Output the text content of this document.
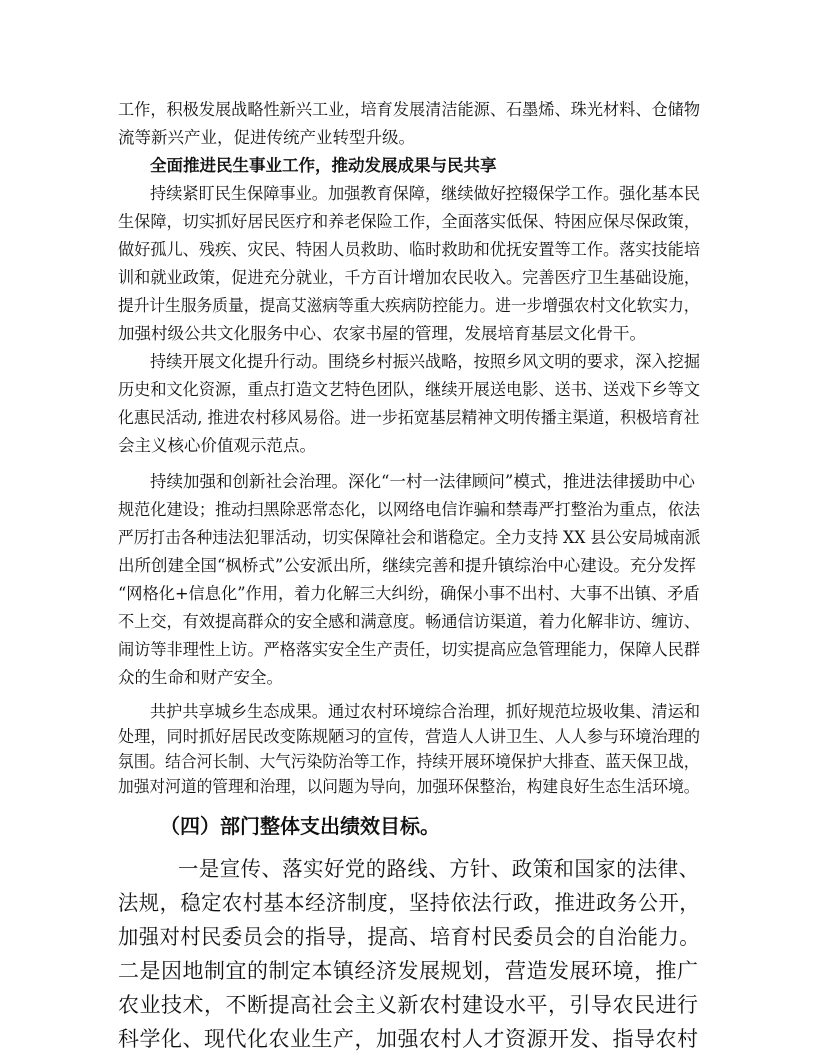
工作，积极发展战略性新兴工业，培育发展清洁能源、石墨烯、珠光材料、仓储物
流等新兴产业，促进传统产业转型升级。
全面推进民生事业工作，推动发展成果与民共享
持续紧盯民生保障事业。加强教育保障，继续做好控辍保学工作。强化基本民
生保障，切实抓好居民医疗和养老保险工作，全面落实低保、特困应保尽保政策，
做好孤儿、残疾、灾民、特困人员救助、临时救助和优抚安置等工作。落实技能培
训和就业政策，促进充分就业，千方百计增加农民收入。完善医疗卫生基础设施，
提升计生服务质量，提高艾滋病等重大疾病防控能力。进一步增强农村文化软实力，
加强村级公共文化服务中心、农家书屋的管理，发展培育基层文化骨干。
持续开展文化提升行动。围绕乡村振兴战略，按照乡风文明的要求，深入挖掘
历史和文化资源，重点打造文艺特色团队，继续开展送电影、送书、送戏下乡等文
化惠民活动, 推进农村移风易俗。进一步拓宽基层精神文明传播主渠道，积极培育社
会主义核心价值观示范点。
持续加强和创新社会治理。深化“一村一法律顾问”模式，推进法律援助中心
规范化建设；推动扫黑除恶常态化，以网络电信诈骗和禁毒严打整治为重点，依法
严厉打击各种违法犯罪活动，切实保障社会和谐稳定。全力支持 XX 县公安局城南派
出所创建全国“枫桥式”公安派出所，继续完善和提升镇综治中心建设。充分发挥
“网格化+信息化”作用，着力化解三大纠纷，确保小事不出村、大事不出镇、矛盾
不上交，有效提高群众的安全感和满意度。畅通信访渠道，着力化解非访、缠访、
闹访等非理性上访。严格落实安全生产责任，切实提高应急管理能力，保障人民群
众的生命和财产安全。
共护共享城乡生态成果。通过农村环境综合治理，抓好规范垃圾收集、清运和
处理，同时抓好居民改变陈规陋习的宣传，营造人人讲卫生、人人参与环境治理的
氛围。结合河长制、大气污染防治等工作，持续开展环境保护大排查、蓝天保卫战，
加强对河道的管理和治理，以问题为导向，加强环保整治，构建良好生态生活环境。
（四）部门整体支出绩效目标。
一是宣传、落实好党的路线、方针、政策和国家的法律、
法规，稳定农村基本经济制度，坚持依法行政，推进政务公开，
加强对村民委员会的指导，提高、培育村民委员会的自治能力。
二是因地制宜的制定本镇经济发展规划，营造发展环境，推广
农业技术，不断提高社会主义新农村建设水平，引导农民进行
科学化、现代化农业生产，加强农村人才资源开发、指导农村
